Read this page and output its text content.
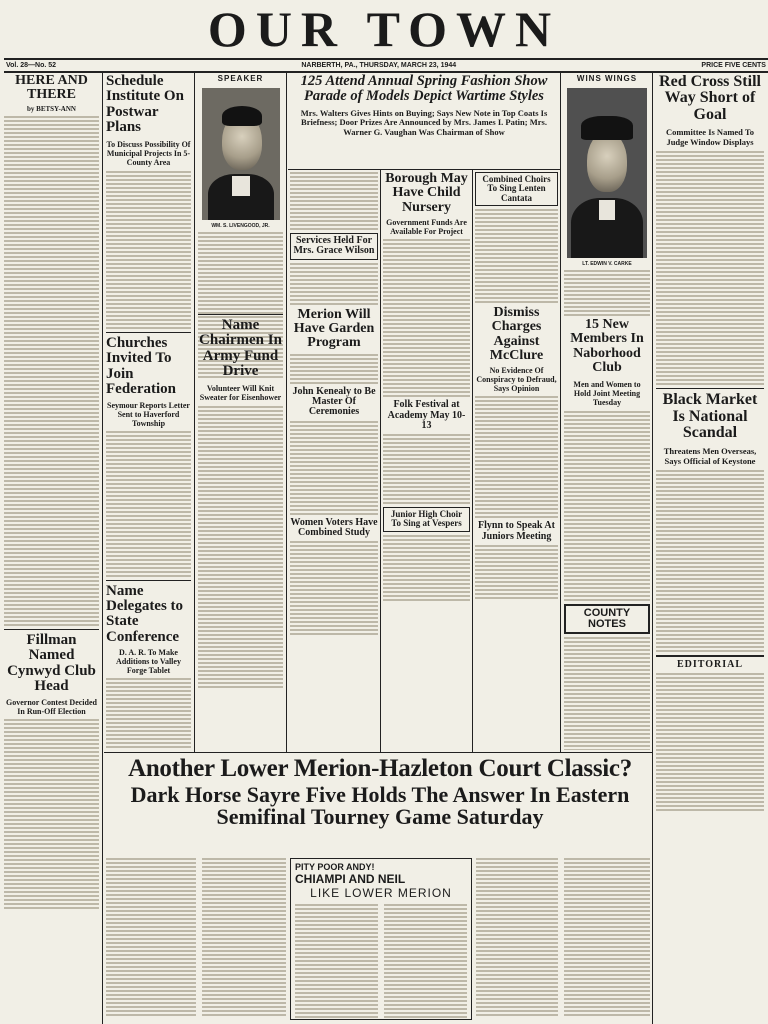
OUR TOWN
Vol. 28—No. 52	NARBERTH, PA., THURSDAY, MARCH 23, 1944	PRICE FIVE CENTS
HERE AND THERE
by BETSY-ANN
Fillman Named Cynwyd Club Head
Governor Contest Decided In Run-Off Election
Schedule Institute On Postwar Plans
To Discuss Possibility Of Municipal Projects In 5-County Area
Churches Invited To Join Federation
Seymour Reports Letter Sent to Haverford Township
Name Delegates to State Conference
D. A. R. To Make Additions to Valley Forge Tablet
SPEAKER
WM. S. LIVENGOOD, JR.
Name Chairmen In Army Fund Drive
Volunteer Will Knit Sweater for Eisenhower
125 Attend Annual Spring Fashion Show Parade of Models Depict Wartime Styles
Mrs. Walters Gives Hints on Buying; Says New Note in Top Coats Is Briefness; Door Prizes Are Announced by Mrs. James I. Patin; Mrs. Warner G. Vaughan Was Chairman of Show
Services Held For Mrs. Grace Wilson
Merion Will Have Garden Program
John Kenealy to Be Master Of Ceremonies
Women Voters Have Combined Study
Borough May Have Child Nursery
Government Funds Are Available For Project
Folk Festival at Academy May 10-13
Junior High Choir To Sing at Vespers
Combined Choirs To Sing Lenten Cantata
Dismiss Charges Against McClure
No Evidence Of Conspiracy to Defraud, Says Opinion
Flynn to Speak At Juniors Meeting
WINS WINGS
LT. EDWIN V. CARKE
15 New Members In Naborhood Club
Men and Women to Hold Joint Meeting Tuesday
COUNTY NOTES
Red Cross Still Way Short of Goal
Committee Is Named To Judge Window Displays
Black Market Is National Scandal
Threatens Men Overseas, Says Official of Keystone
EDITORIAL
Another Lower Merion-Hazleton Court Classic?
Dark Horse Sayre Five Holds The Answer In Eastern Semifinal Tourney Game Saturday
PITY POOR ANDY!
CHIAMPI AND NEIL
LIKE LOWER MERION
